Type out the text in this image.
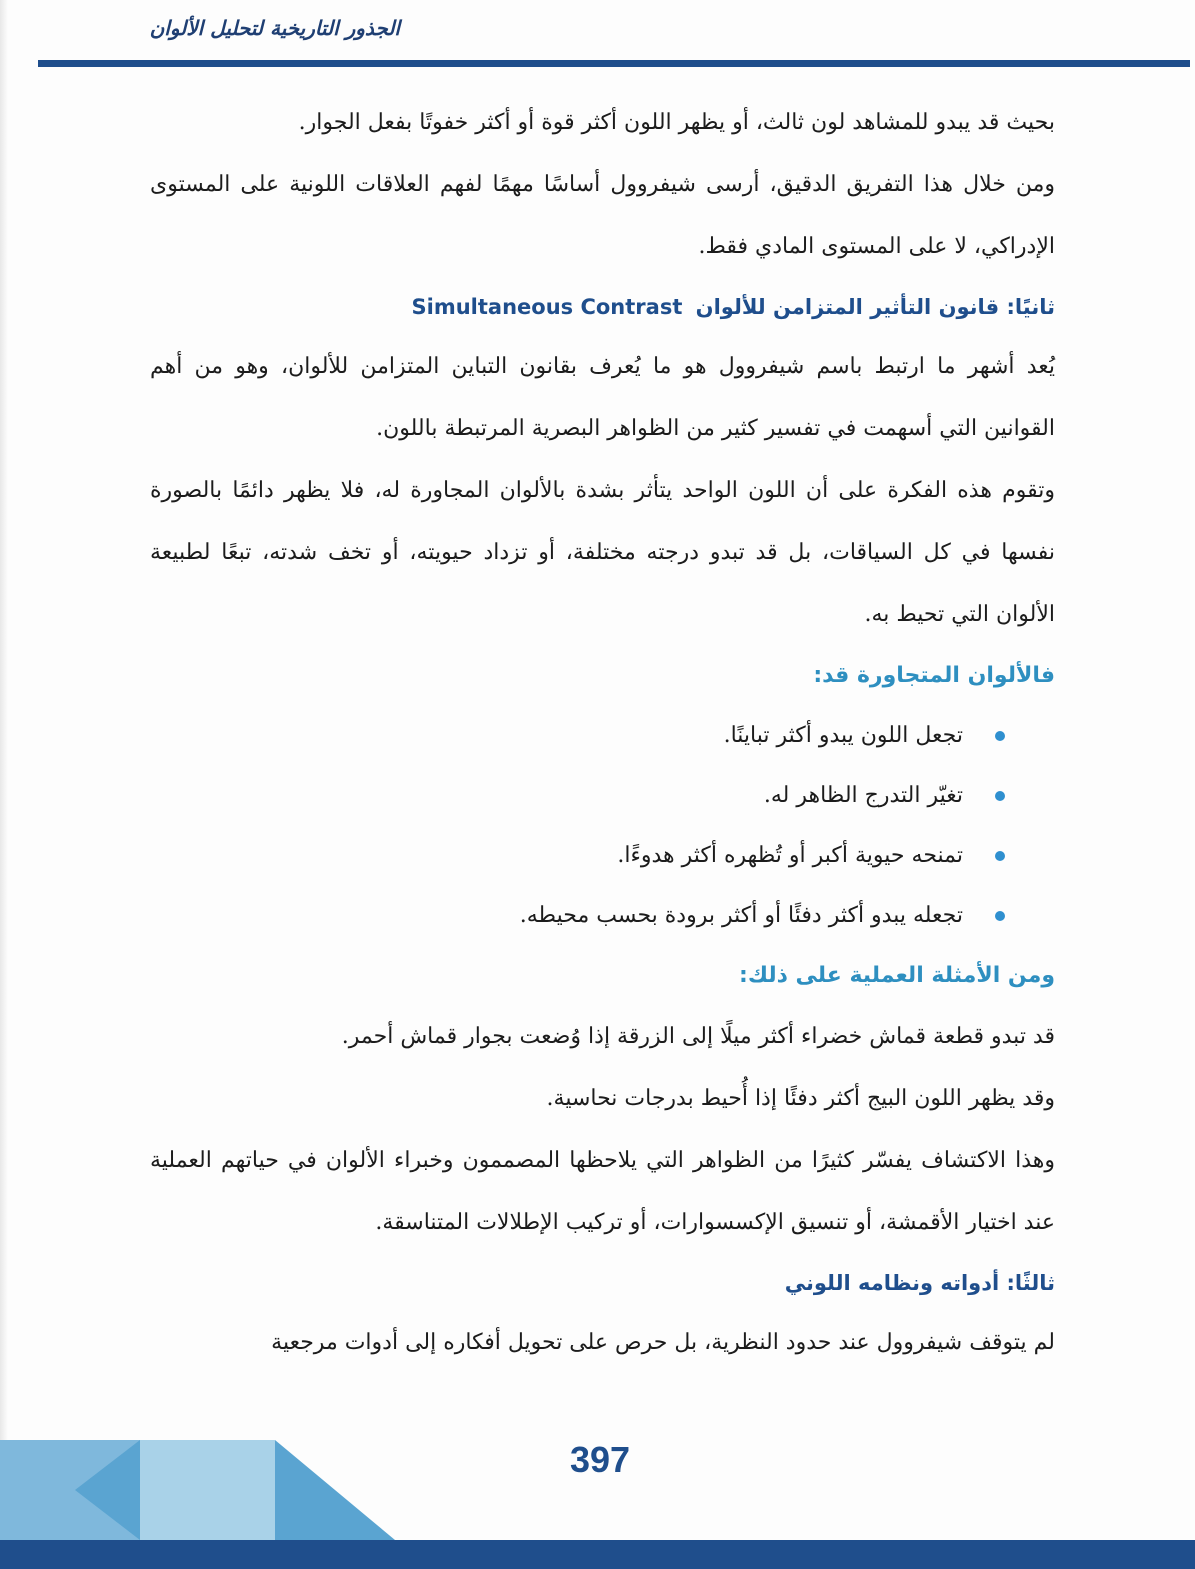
الجذور التاريخية لتحليل الألوان

بحيث قد يبدو للمشاهد لون ثالث، أو يظهر اللون أكثر قوة أو أكثر خفوتًا بفعل الجوار.

ومن خلال هذا التفريق الدقيق، أرسى شيفروول أساسًا مهمًا لفهم العلاقات اللونية على المستوى الإدراكي، لا على المستوى المادي فقط.

ثانيًا: قانون التأثير المتزامن للألوان Simultaneous Contrast

يُعد أشهر ما ارتبط باسم شيفروول هو ما يُعرف بقانون التباين المتزامن للألوان، وهو من أهم القوانين التي أسهمت في تفسير كثير من الظواهر البصرية المرتبطة باللون.

وتقوم هذه الفكرة على أن اللون الواحد يتأثر بشدة بالألوان المجاورة له، فلا يظهر دائمًا بالصورة نفسها في كل السياقات، بل قد تبدو درجته مختلفة، أو تزداد حيويته، أو تخف شدته، تبعًا لطبيعة الألوان التي تحيط به.

فالألوان المتجاورة قد:
تجعل اللون يبدو أكثر تباينًا.
تغيّر التدرج الظاهر له.
تمنحه حيوية أكبر أو تُظهره أكثر هدوءًا.
تجعله يبدو أكثر دفئًا أو أكثر برودة بحسب محيطه.
ومن الأمثلة العملية على ذلك:

قد تبدو قطعة قماش خضراء أكثر ميلًا إلى الزرقة إذا وُضعت بجوار قماش أحمر.

وقد يظهر اللون البيج أكثر دفئًا إذا أُحيط بدرجات نحاسية.

وهذا الاكتشاف يفسّر كثيرًا من الظواهر التي يلاحظها المصممون وخبراء الألوان في حياتهم العملية عند اختيار الأقمشة، أو تنسيق الإكسسوارات، أو تركيب الإطلالات المتناسقة.

ثالثًا: أدواته ونظامه اللوني

لم يتوقف شيفروول عند حدود النظرية، بل حرص على تحويل أفكاره إلى أدوات مرجعية

397
